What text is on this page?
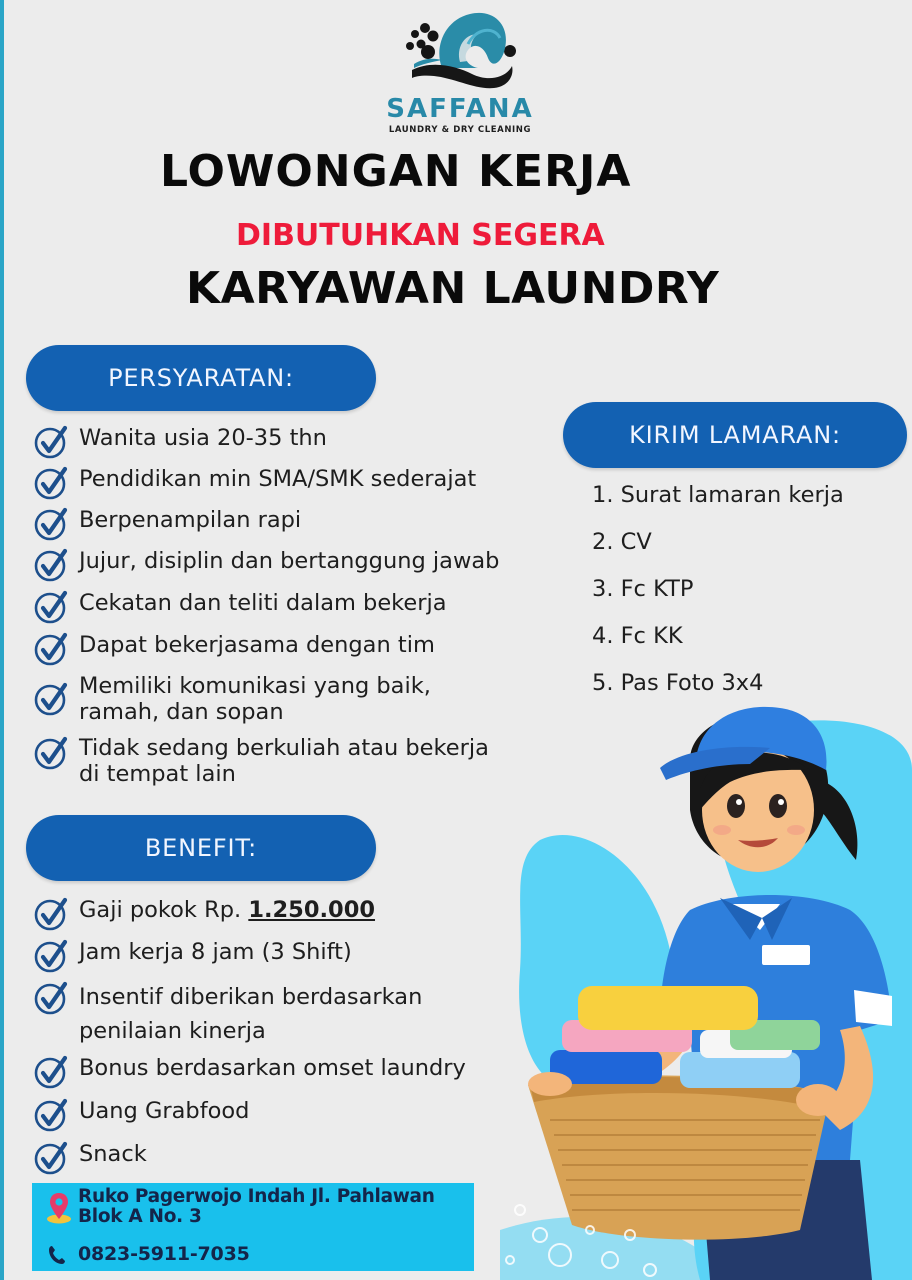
SAFFANA
LAUNDRY & DRY CLEANING
LOWONGAN KERJA
DIBUTUHKAN SEGERA
KARYAWAN LAUNDRY
PERSYARATAN:
Wanita usia 20-35 thn
Pendidikan min SMA/SMK sederajat
Berpenampilan rapi
Jujur, disiplin dan bertanggung jawab
Cekatan dan teliti dalam bekerja
Dapat bekerjasama dengan tim
Memiliki komunikasi yang baik,
ramah, dan sopan
Tidak sedang berkuliah atau bekerja
di tempat lain
KIRIM LAMARAN:
1. Surat lamaran kerja
2. CV
3. Fc KTP
4. Fc KK
5. Pas Foto 3x4
BENEFIT:
Gaji pokok Rp. 1.250.000
Jam kerja 8 jam (3 Shift)
Insentif diberikan berdasarkan
penilaian kinerja
Bonus berdasarkan omset laundry
Uang Grabfood
Snack
Ruko Pagerwojo Indah Jl. Pahlawan
Blok A No. 3
0823-5911-7035
